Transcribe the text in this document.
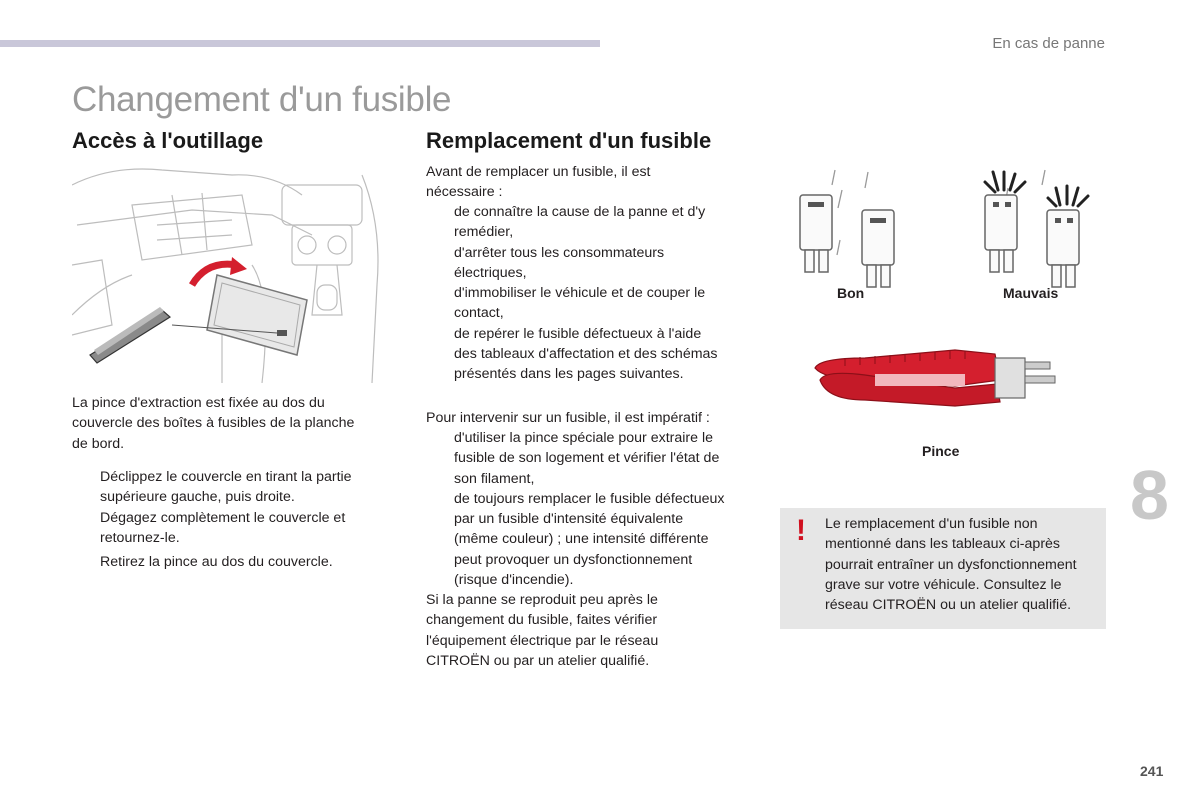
En cas de panne
Changement d'un fusible
Accès à l'outillage
La pince d'extraction est fixée au dos du
couvercle des boîtes à fusibles de la planche
de bord.
Déclippez le couvercle en tirant la partie
supérieure gauche, puis droite.
Dégagez complètement le couvercle et
retournez-le.
Retirez la pince au dos du couvercle.
Remplacement d'un fusible
Avant de remplacer un fusible, il est
nécessaire :
de connaître la cause de la panne et d'y
remédier,
d'arrêter tous les consommateurs
électriques,
d'immobiliser le véhicule et de couper le
contact,
de repérer le fusible défectueux à l'aide
des tableaux d'affectation et des schémas
présentés dans les pages suivantes.
Pour intervenir sur un fusible, il est impératif :
d'utiliser la pince spéciale pour extraire le
fusible de son logement et vérifier l'état de
son filament,
de toujours remplacer le fusible défectueux
par un fusible d'intensité équivalente
(même couleur) ; une intensité différente
peut provoquer un dysfonctionnement
(risque d'incendie).
Si la panne se reproduit peu après le
changement du fusible, faites vérifier
l'équipement électrique par le réseau
CITROËN ou par un atelier qualifié.
Bon	Mauvais
Pince
! Le remplacement d'un fusible non
mentionné dans les tableaux ci-après
pourrait entraîner un dysfonctionnement
grave sur votre véhicule. Consultez le
réseau CITROËN ou un atelier qualifié.
8
241
